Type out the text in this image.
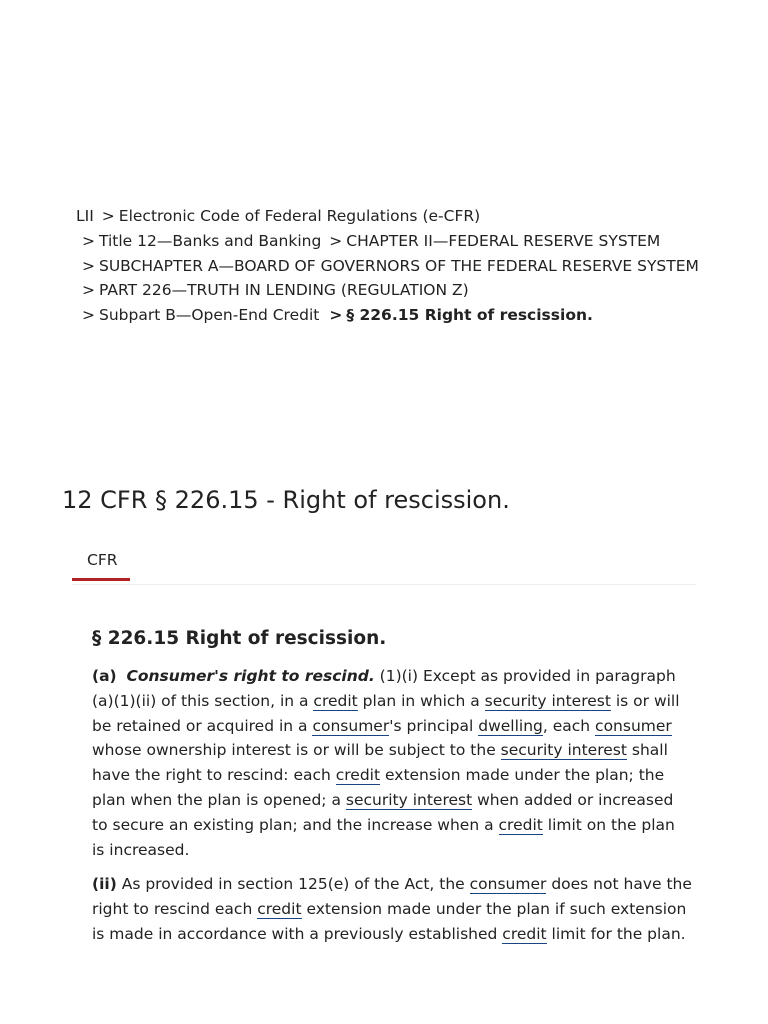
LII > Electronic Code of Federal Regulations (e-CFR)
> Title 12—Banks and Banking > CHAPTER II—FEDERAL RESERVE SYSTEM
> SUBCHAPTER A—BOARD OF GOVERNORS OF THE FEDERAL RESERVE SYSTEM
> PART 226—TRUTH IN LENDING (REGULATION Z)
> Subpart B—Open-End Credit > § 226.15 Right of rescission.
12 CFR § 226.15 - Right of rescission.
CFR
§ 226.15 Right of rescission.

(a) Consumer's right to rescind. (1)(i) Except as provided in paragraph (a)(1)(ii) of this section, in a credit plan in which a security interest is or will be retained or acquired in a consumer's principal dwelling, each consumer whose ownership interest is or will be subject to the security interest shall have the right to rescind: each credit extension made under the plan; the plan when the plan is opened; a security interest when added or increased to secure an existing plan; and the increase when a credit limit on the plan is increased.

(ii) As provided in section 125(e) of the Act, the consumer does not have the right to rescind each credit extension made under the plan if such extension is made in accordance with a previously established credit limit for the plan.
